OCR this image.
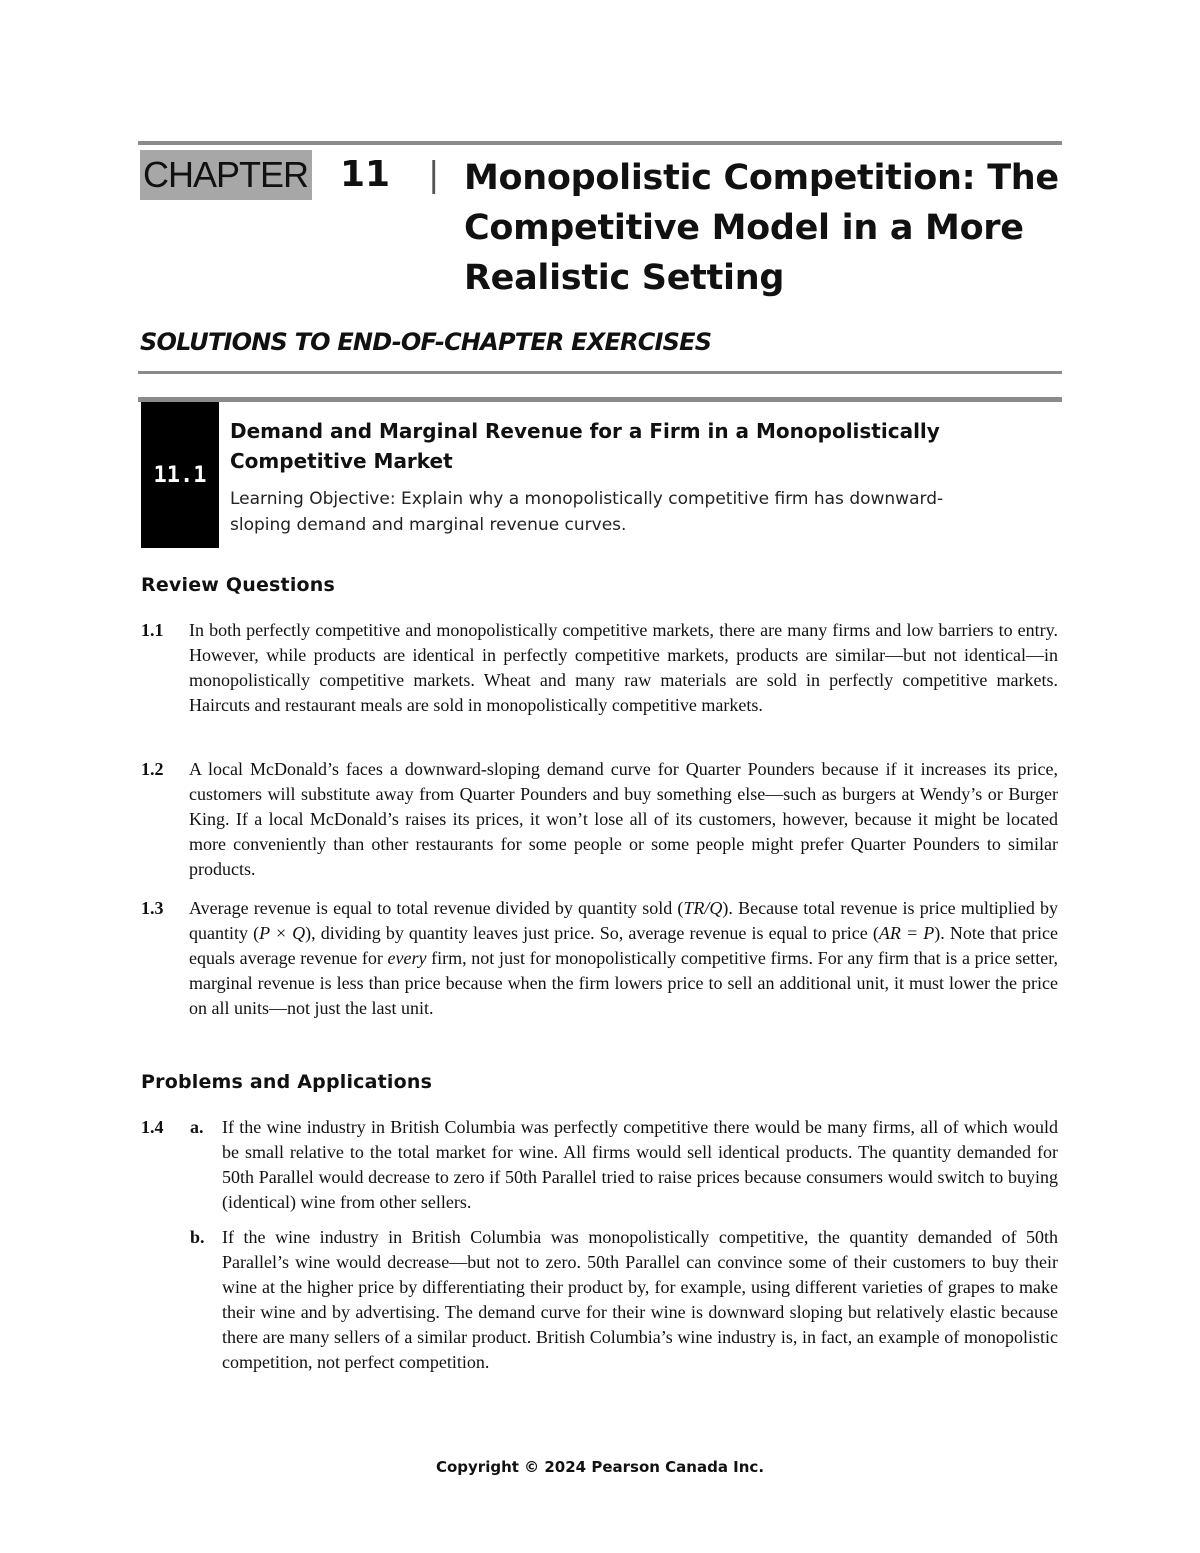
CHAPTER 11 | Monopolistic Competition: The
Competitive Model in a More
Realistic Setting
SOLUTIONS TO END-OF-CHAPTER EXERCISES
11.1
Demand and Marginal Revenue for a Firm in a Monopolistically
Competitive Market
Learning Objective: Explain why a monopolistically competitive firm has downward-
sloping demand and marginal revenue curves.
Review Questions
1.1 In both perfectly competitive and monopolistically competitive markets, there are many firms and low barriers to entry. However, while products are identical in perfectly competitive markets, products are similar—but not identical—in monopolistically competitive markets. Wheat and many raw materials are sold in perfectly competitive markets. Haircuts and restaurant meals are sold in monopolistically competitive markets.
1.2 A local McDonald’s faces a downward-sloping demand curve for Quarter Pounders because if it increases its price, customers will substitute away from Quarter Pounders and buy something else—such as burgers at Wendy’s or Burger King. If a local McDonald’s raises its prices, it won’t lose all of its customers, however, because it might be located more conveniently than other restaurants for some people or some people might prefer Quarter Pounders to similar products.
1.3 Average revenue is equal to total revenue divided by quantity sold (TR/Q). Because total revenue is price multiplied by quantity (P × Q), dividing by quantity leaves just price. So, average revenue is equal to price (AR = P). Note that price equals average revenue for every firm, not just for monopolistically competitive firms. For any firm that is a price setter, marginal revenue is less than price because when the firm lowers price to sell an additional unit, it must lower the price on all units—not just the last unit.
Problems and Applications
1.4 a. If the wine industry in British Columbia was perfectly competitive there would be many firms, all of which would be small relative to the total market for wine. All firms would sell identical products. The quantity demanded for 50th Parallel would decrease to zero if 50th Parallel tried to raise prices because consumers would switch to buying (identical) wine from other sellers.
b. If the wine industry in British Columbia was monopolistically competitive, the quantity demanded of 50th Parallel’s wine would decrease—but not to zero. 50th Parallel can convince some of their customers to buy their wine at the higher price by differentiating their product by, for example, using different varieties of grapes to make their wine and by advertising. The demand curve for their wine is downward sloping but relatively elastic because there are many sellers of a similar product. British Columbia’s wine industry is, in fact, an example of monopolistic competition, not perfect competition.
Copyright © 2024 Pearson Canada Inc.
